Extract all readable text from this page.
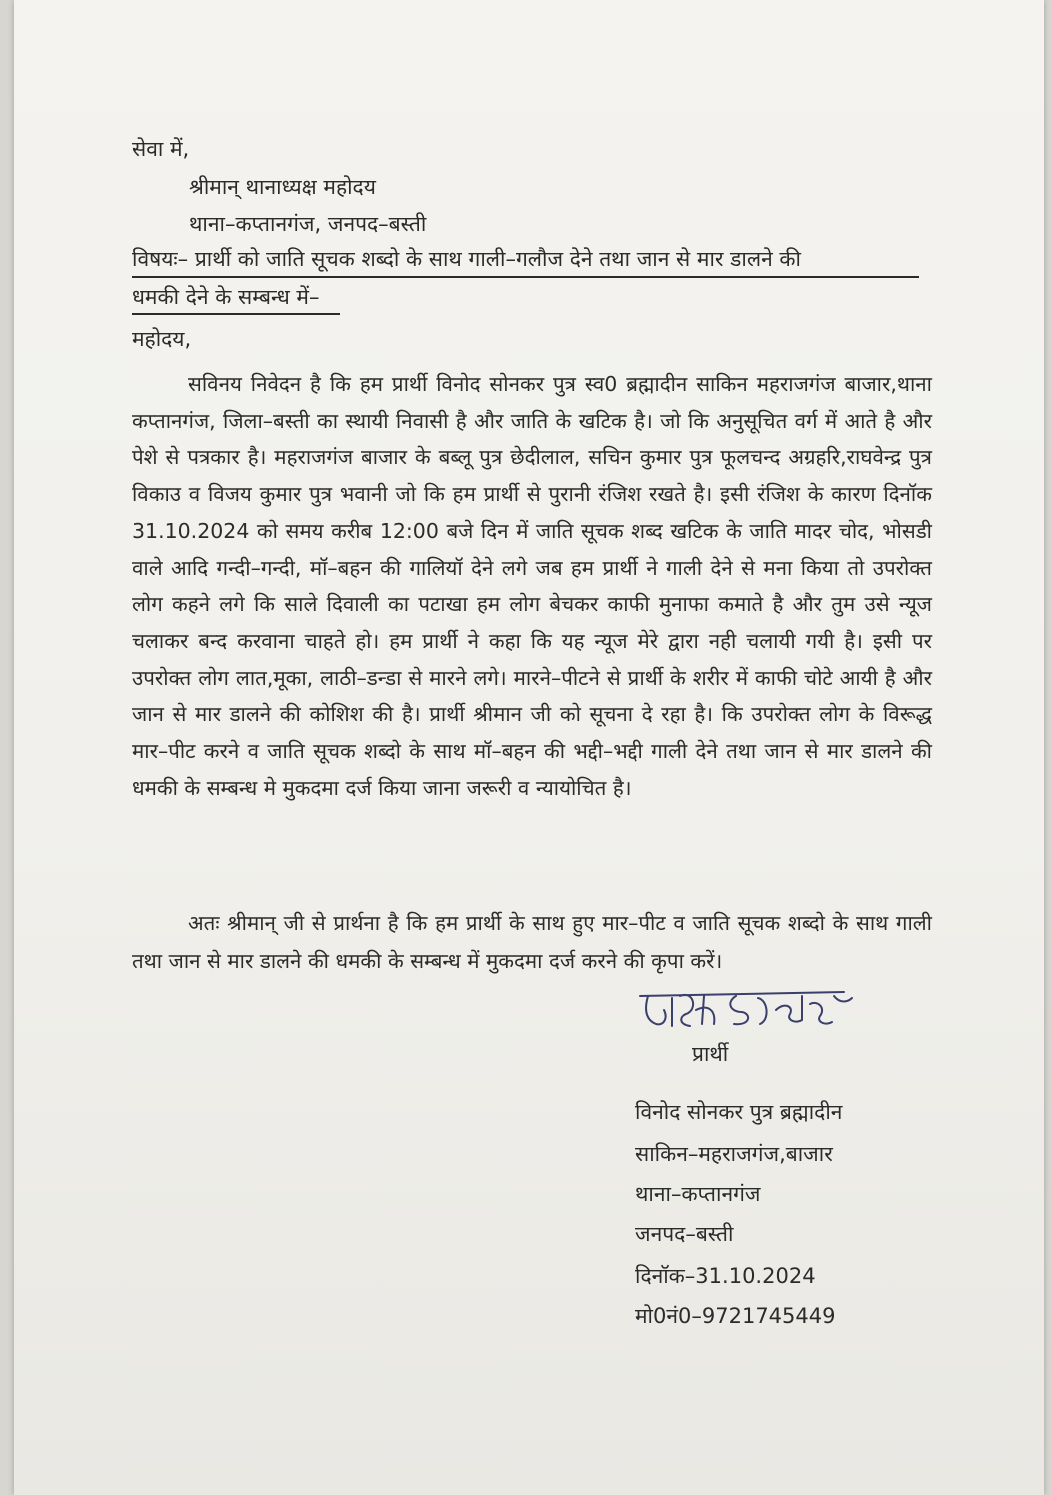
सेवा में,
श्रीमान् थानाध्यक्ष महोदय
थाना–कप्तानगंज, जनपद–बस्ती
विषयः– प्रार्थी को जाति सूचक शब्दो के साथ गाली–गलौज देने तथा जान से मार डालने की
धमकी देने के सम्बन्ध में–
महोदय,
सविनय निवेदन है कि हम प्रार्थी विनोद सोनकर पुत्र स्व0 ब्रह्मादीन साकिन महराजगंज बाजार,थाना कप्तानगंज, जिला–बस्ती का स्थायी निवासी है और जाति के खटिक है। जो कि अनुसूचित वर्ग में आते है और पेशे से पत्रकार है। महराजगंज बाजार के बब्लू पुत्र छेदीलाल, सचिन कुमार पुत्र फूलचन्द अग्रहरि,राघवेन्द्र पुत्र विकाउ व विजय कुमार पुत्र भवानी जो कि हम प्रार्थी से पुरानी रंजिश रखते है। इसी रंजिश के कारण दिनॉक 31.10.2024 को समय करीब 12:00 बजे दिन में जाति सूचक शब्द खटिक के जाति मादर चोद, भोसडी वाले आदि गन्दी–गन्दी, मॉ–बहन की गालियॉ देने लगे जब हम प्रार्थी ने गाली देने से मना किया तो उपरोक्त लोग कहने लगे कि साले दिवाली का पटाखा हम लोग बेचकर काफी मुनाफा कमाते है और तुम उसे न्यूज चलाकर बन्द करवाना चाहते हो। हम प्रार्थी ने कहा कि यह न्यूज मेरे द्वारा नही चलायी गयी है। इसी पर उपरोक्त लोग लात,मूका, लाठी–डन्डा से मारने लगे। मारने–पीटने से प्रार्थी के शरीर में काफी चोटे आयी है और जान से मार डालने की कोशिश की है। प्रार्थी श्रीमान जी को सूचना दे रहा है। कि उपरोक्त लोग के विरूद्ध मार–पीट करने व जाति सूचक शब्दो के साथ मॉ–बहन की भद्दी–भद्दी गाली देने तथा जान से मार डालने की धमकी के सम्बन्ध मे मुकदमा दर्ज किया जाना जरूरी व न्यायोचित है।
अतः श्रीमान् जी से प्रार्थना है कि हम प्रार्थी के साथ हुए मार–पीट व जाति सूचक शब्दो के साथ गाली तथा जान से मार डालने की धमकी के सम्बन्ध में मुकदमा दर्ज करने की कृपा करें।
प्रार्थी
विनोद सोनकर पुत्र ब्रह्मादीन
साकिन–महराजगंज,बाजार
थाना–कप्तानगंज
जनपद–बस्ती
दिनॉक–31.10.2024
मो0नं0–9721745449
